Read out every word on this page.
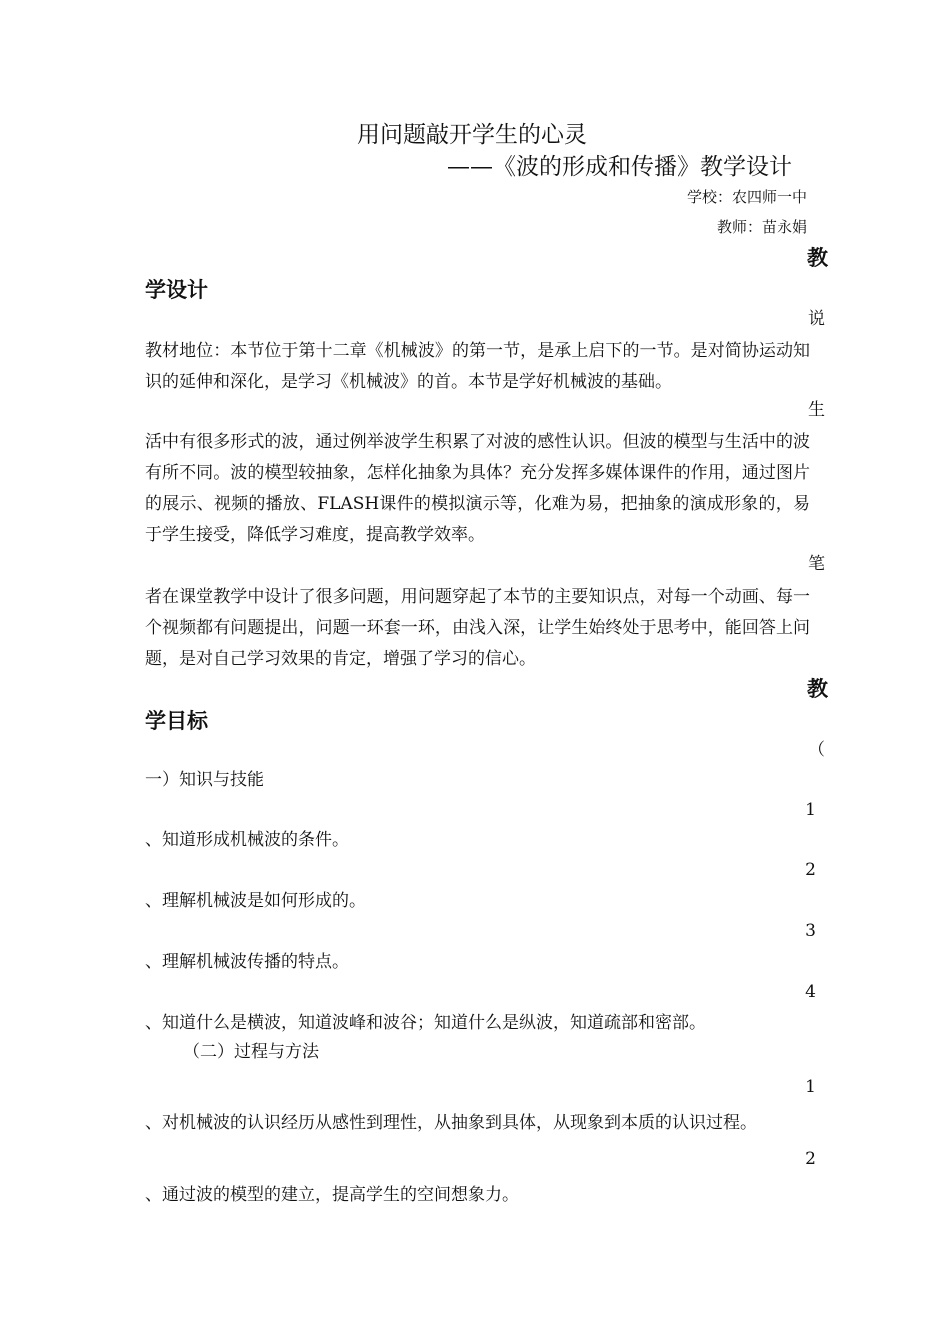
用问题敲开学生的心灵
——《波的形成和传播》教学设计
学校：农四师一中
教师：苗永娟
教
学设计
说

教材地位：本节位于第十二章《机械波》的第一节，是承上启下的一节。是对简协运动知识的延伸和深化，是学习《机械波》的首。本节是学好机械波的基础。

生

活中有很多形式的波，通过例举波学生积累了对波的感性认识。但波的模型与生活中的波有所不同。波的模型较抽象，怎样化抽象为具体？充分发挥多媒体课件的作用，通过图片的展示、视频的播放、FLASH课件的模拟演示等，化难为易，把抽象的演成形象的，易于学生接受，降低学习难度，提高教学效率。

笔

者在课堂教学中设计了很多问题，用问题穿起了本节的主要知识点，对每一个动画、每一个视频都有问题提出，问题一环套一环，由浅入深，让学生始终处于思考中，能回答上问题，是对自己学习效果的肯定，增强了学习的信心。

教
学目标
（
一）知识与技能
1
、知道形成机械波的条件。
2
、理解机械波是如何形成的。
3
、理解机械波传播的特点。
4
、知道什么是横波，知道波峰和波谷；知道什么是纵波，知道疏部和密部。
（二）过程与方法
1
、对机械波的认识经历从感性到理性，从抽象到具体，从现象到本质的认识过程。
2
、通过波的模型的建立，提高学生的空间想象力。
